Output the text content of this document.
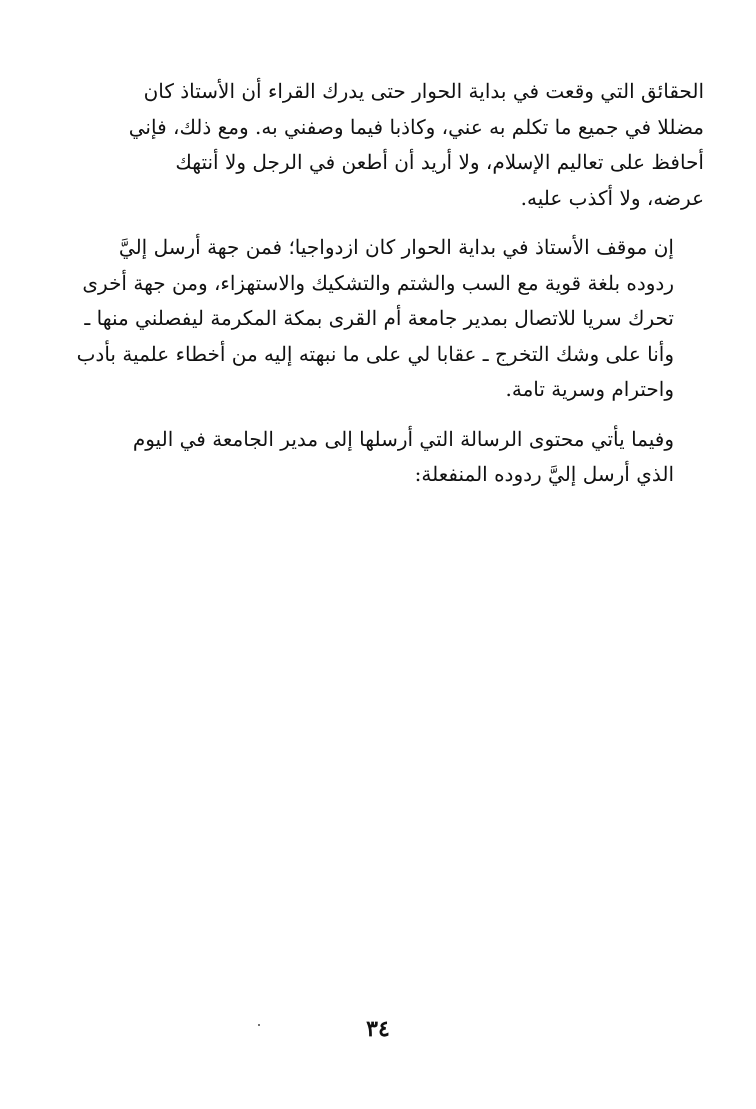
الحقائق التي وقعت في بداية الحوار حتى يدرك القراء أن الأستاذ كان
مضللا في جميع ما تكلم به عني، وكاذبا فيما وصفني به. ومع ذلك، فإني
أحافظ على تعاليم الإسلام، ولا أريد أن أطعن في الرجل ولا أنتهك
عرضه، ولا أكذب عليه.

إن موقف الأستاذ في بداية الحوار كان ازدواجيا؛ فمن جهة أرسل إليَّ
ردوده بلغة قوية مع السب والشتم والتشكيك والاستهزاء، ومن جهة أخرى
تحرك سريا للاتصال بمدير جامعة أم القرى بمكة المكرمة ليفصلني منها ـ
وأنا على وشك التخرج ـ عقابا لي على ما نبهته إليه من أخطاء علمية بأدب
واحترام وسرية تامة.

وفيما يأتي محتوى الرسالة التي أرسلها إلى مدير الجامعة في اليوم
الذي أرسل إليَّ ردوده المنفعلة:

٣٤
